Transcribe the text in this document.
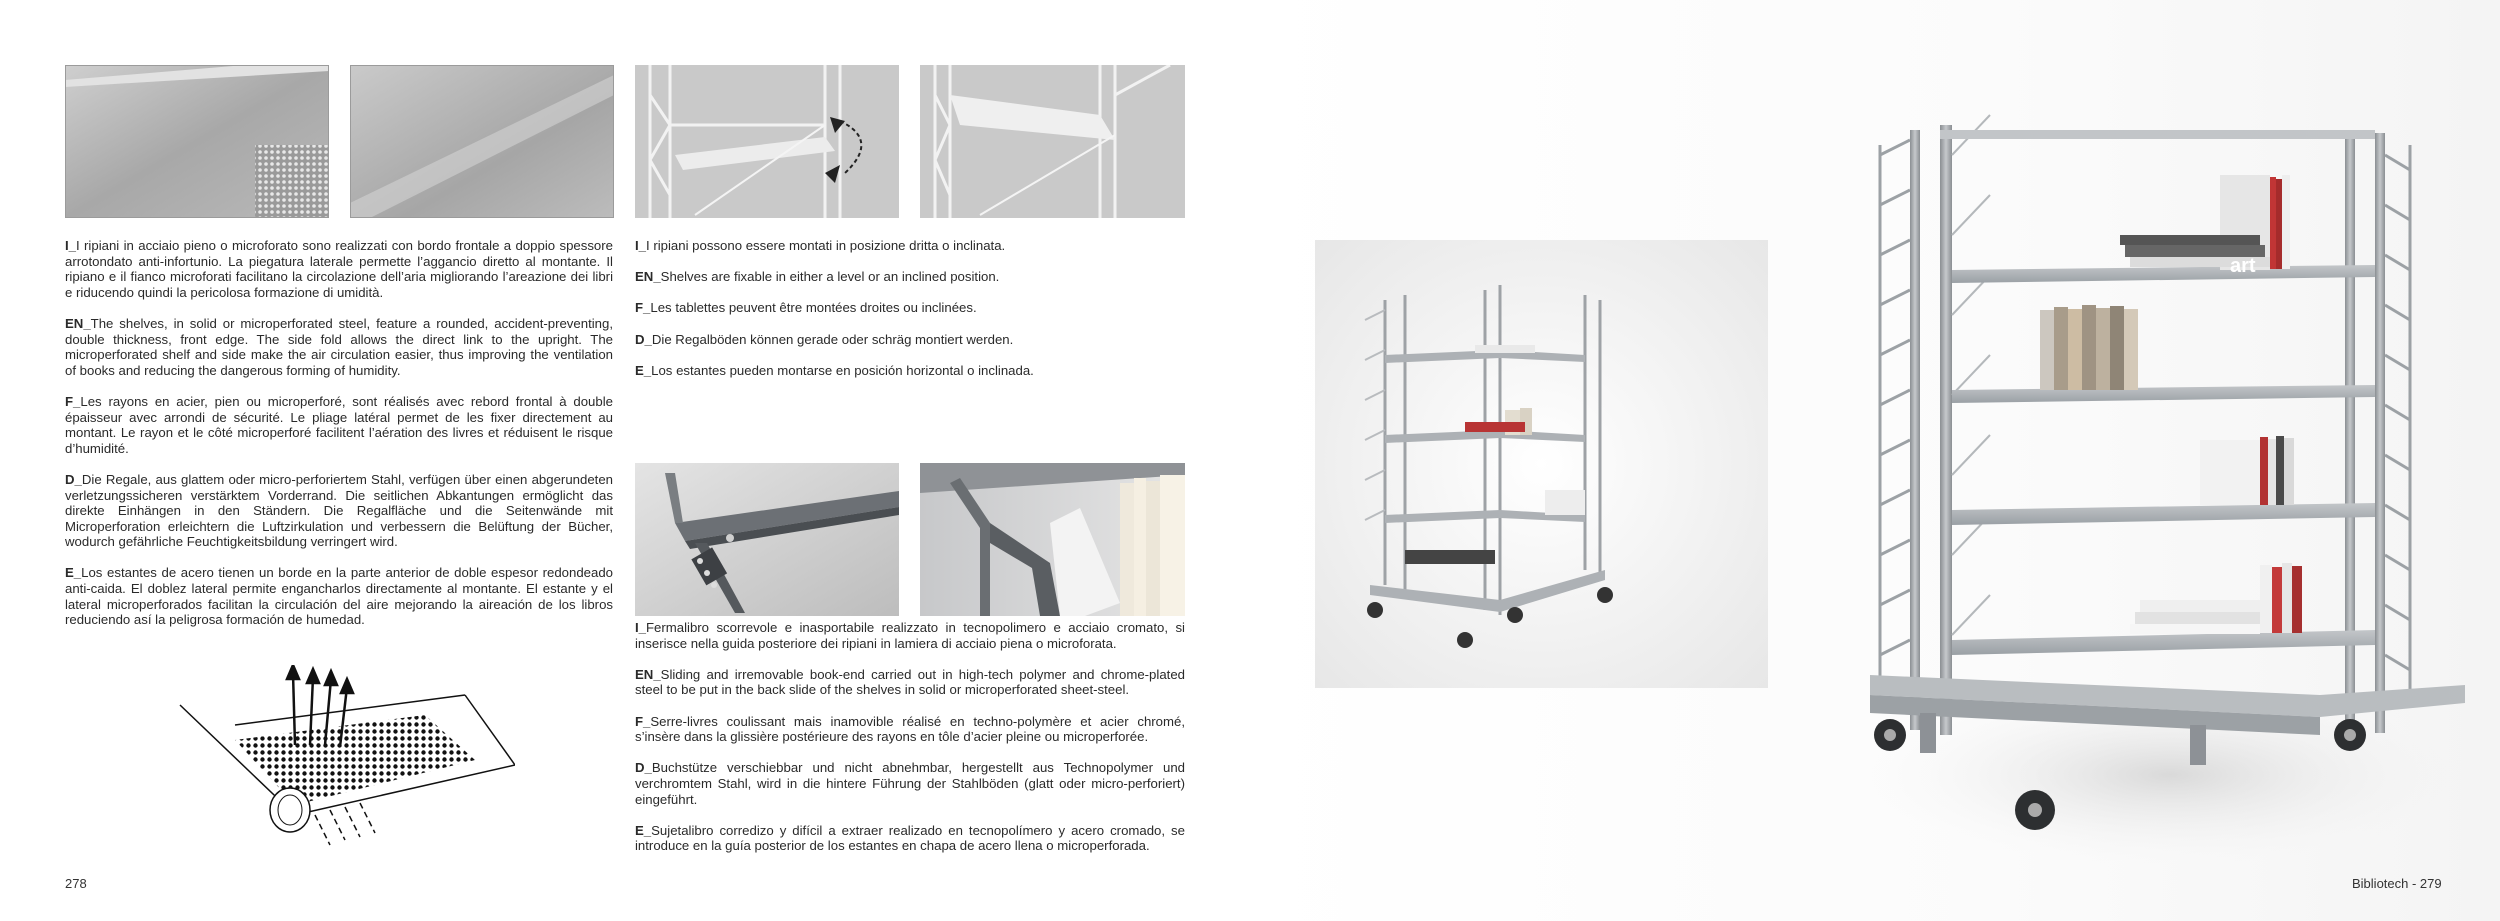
I_I ripiani in acciaio pieno o microforato sono realizzati con bordo frontale a doppio spessore arrotondato anti-infortunio. La piegatura laterale permette l’aggancio diretto al montante. Il ripiano e il fianco microforati facilitano la circolazione dell’aria migliorando l’areazione dei libri e riducendo quindi la pericolosa formazione di umidità.

EN_The shelves, in solid or microperforated steel, feature a rounded, accident-preventing, double thickness, front edge. The side fold allows the direct link to the upright. The microperforated shelf and side make the air circulation easier, thus improving the ventilation of books and reducing the dangerous forming of humidity.

F_Les rayons en acier, pien ou microperforé, sont réalisés avec rebord frontal à double épaisseur avec arrondi de sécurité. Le pliage latéral permet de les fixer directement au montant. Le rayon et le côté microperforé facilitent l’aération des livres et réduisent le risque d’humidité.

D_Die Regale, aus glattem oder micro-perforiertem Stahl, verfügen über einen abgerundeten verletzungssicheren verstärktem Vorderrand. Die seitlichen Abkantungen ermöglicht das direkte Einhängen in den Ständern. Die Regalfläche und die Seitenwände mit Microperforation erleichtern die Luftzirkulation und verbessern die Belüftung der Bücher, wodurch gefährliche Feuchtigkeitsbildung verringert wird.

E_Los estantes de acero tienen un borde en la parte anterior de doble espesor redondeado anti-caida. El doblez lateral permite engancharlos directamente al montante. El estante y el lateral microperforados facilitan la circulación del aire mejorando la aireación de los libros reduciendo así la peligrosa formación de humedad.

I_I ripiani possono essere montati in posizione dritta o inclinata.

EN_Shelves are fixable in either a level or an inclined position.

F_Les tablettes peuvent être montées droites ou inclinées.

D_Die Regalböden können gerade oder schräg montiert werden.

E_Los estantes pueden montarse en posición horizontal o inclinada.

I_Fermalibro scorrevole e inasportabile realizzato in tecnopolimero e acciaio cromato, si inserisce nella guida posteriore dei ripiani in lamiera di acciaio piena o microforata.

EN_Sliding and irremovable book-end carried out in high-tech polymer and chrome-plated steel to be put in the back slide of the shelves in solid or microperforated sheet-steel.

F_Serre-livres coulissant mais inamovible réalisé en techno-polymère et acier chromé, s’insère dans la glissière postérieure des rayons en tôle d’acier pleine ou microperforée.

D_Buchstütze verschiebbar und nicht abnehmbar, hergestellt aus Technopolymer und verchromtem Stahl, wird in die hintere Führung der Stahlböden (glatt oder micro-perforiert) eingeführt.

E_Sujetalibro corredizo y difícil a extraer realizado en tecnopolímero y acero cromado, se introduce en la guía posterior de los estantes en chapa de acero llena o microperforada.

278
art
Bibliotech - 279
